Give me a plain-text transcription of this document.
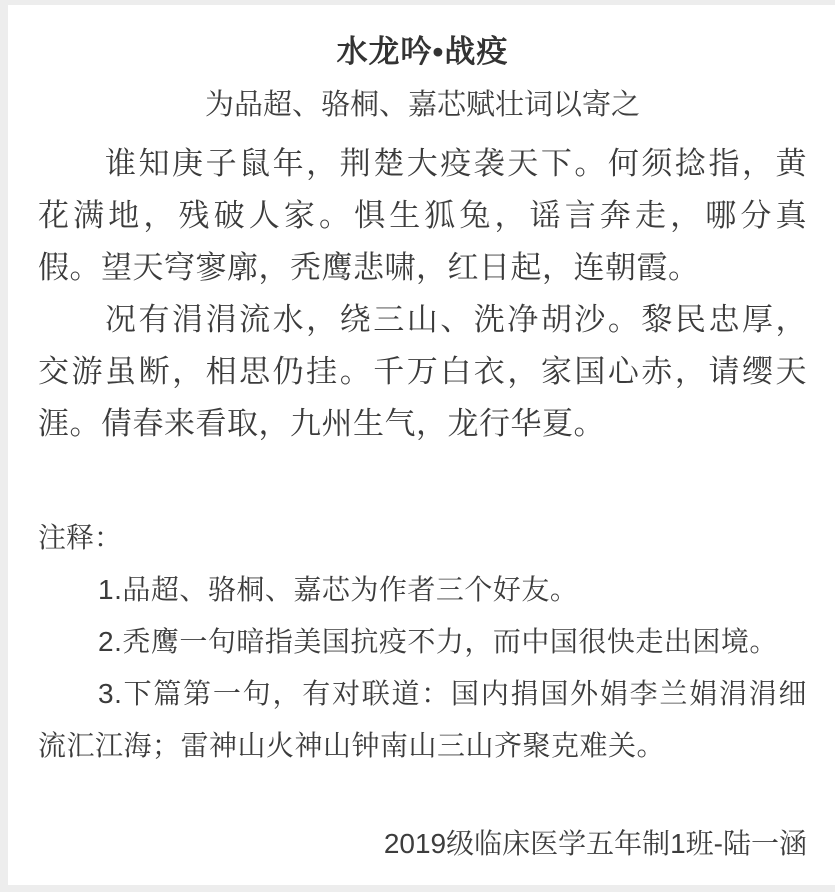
水龙吟•战疫
为品超、骆桐、嘉芯赋壮词以寄之
谁知庚子鼠年，荆楚大疫袭天下。何须捻指，黄
花满地，残破人家。惧生狐兔，谣言奔走，哪分真
假。望天穹寥廓，秃鹰悲啸，红日起，连朝霞。
况有涓涓流水，绕三山、洗净胡沙。黎民忠厚，
交游虽断，相思仍挂。千万白衣，家国心赤，请缨天
涯。倩春来看取，九州生气，龙行华夏。
注释：
1.品超、骆桐、嘉芯为作者三个好友。
2.秃鹰一句暗指美国抗疫不力，而中国很快走出困境。
3.下篇第一句，有对联道：国内捐国外娟李兰娟涓涓细
流汇江海；雷神山火神山钟南山三山齐聚克难关。
2019级临床医学五年制1班-陆一涵
